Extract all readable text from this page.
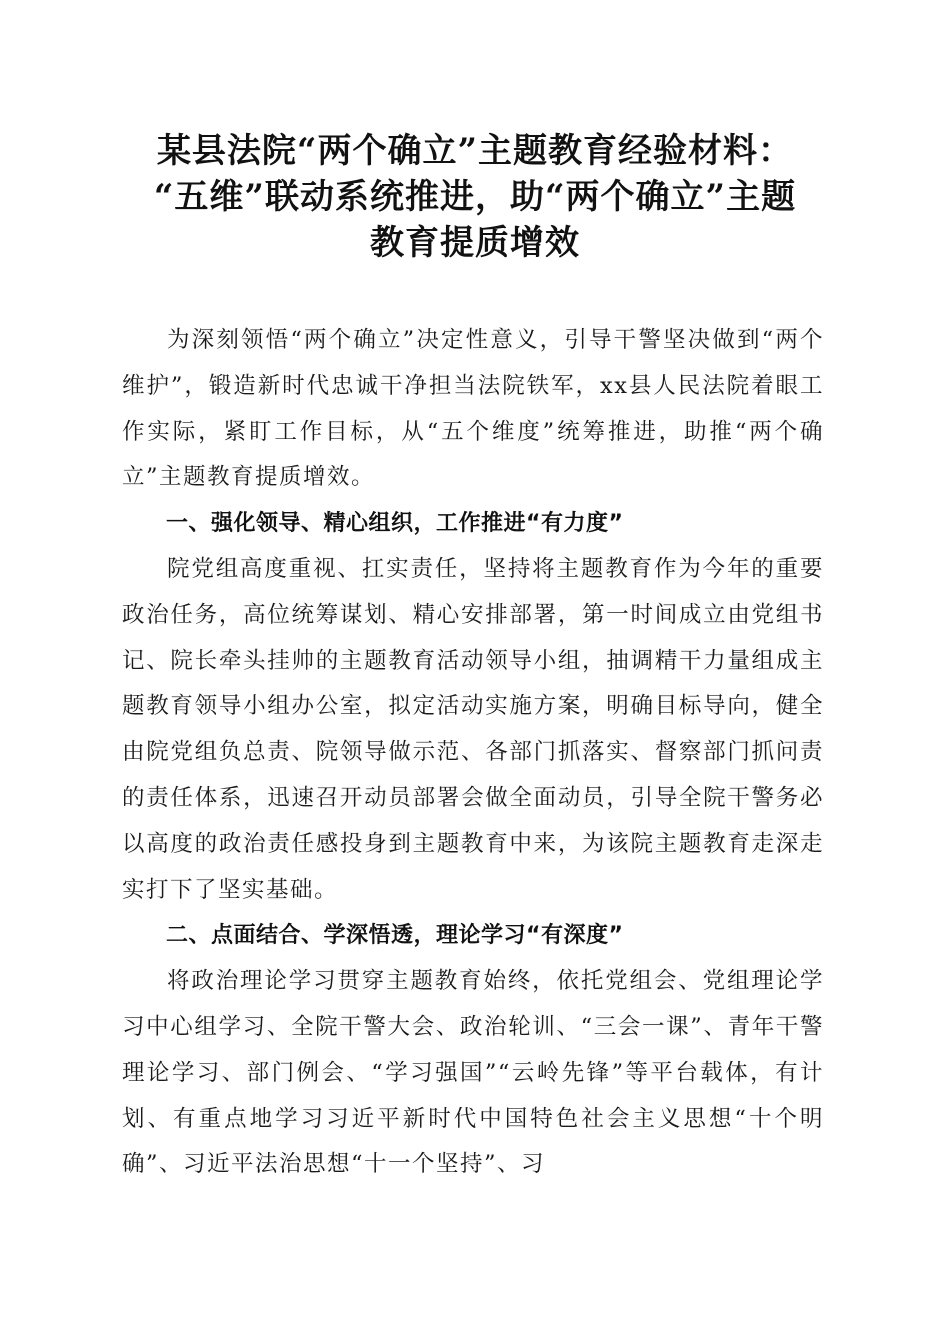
某县法院“两个确立”主题教育经验材料：
“五维”联动系统推进，助“两个确立”主题
教育提质增效

为深刻领悟“两个确立”决定性意义，引导干警坚决做到“两个维护”，锻造新时代忠诚干净担当法院铁军，xx县人民法院着眼工作实际，紧盯工作目标，从“五个维度”统筹推进，助推“两个确立”主题教育提质增效。

一、强化领导、精心组织，工作推进“有力度”

院党组高度重视、扛实责任，坚持将主题教育作为今年的重要政治任务，高位统筹谋划、精心安排部署，第一时间成立由党组书记、院长牵头挂帅的主题教育活动领导小组，抽调精干力量组成主题教育领导小组办公室，拟定活动实施方案，明确目标导向，健全由院党组负总责、院领导做示范、各部门抓落实、督察部门抓问责的责任体系，迅速召开动员部署会做全面动员，引导全院干警务必以高度的政治责任感投身到主题教育中来，为该院主题教育走深走实打下了坚实基础。

二、点面结合、学深悟透，理论学习“有深度”

将政治理论学习贯穿主题教育始终，依托党组会、党组理论学习中心组学习、全院干警大会、政治轮训、“三会一课”、青年干警理论学习、部门例会、“学习强国”“云岭先锋”等平台载体，有计划、有重点地学习习近平新时代中国特色社会主义思想“十个明确”、习近平法治思想“十一个坚持”、习
